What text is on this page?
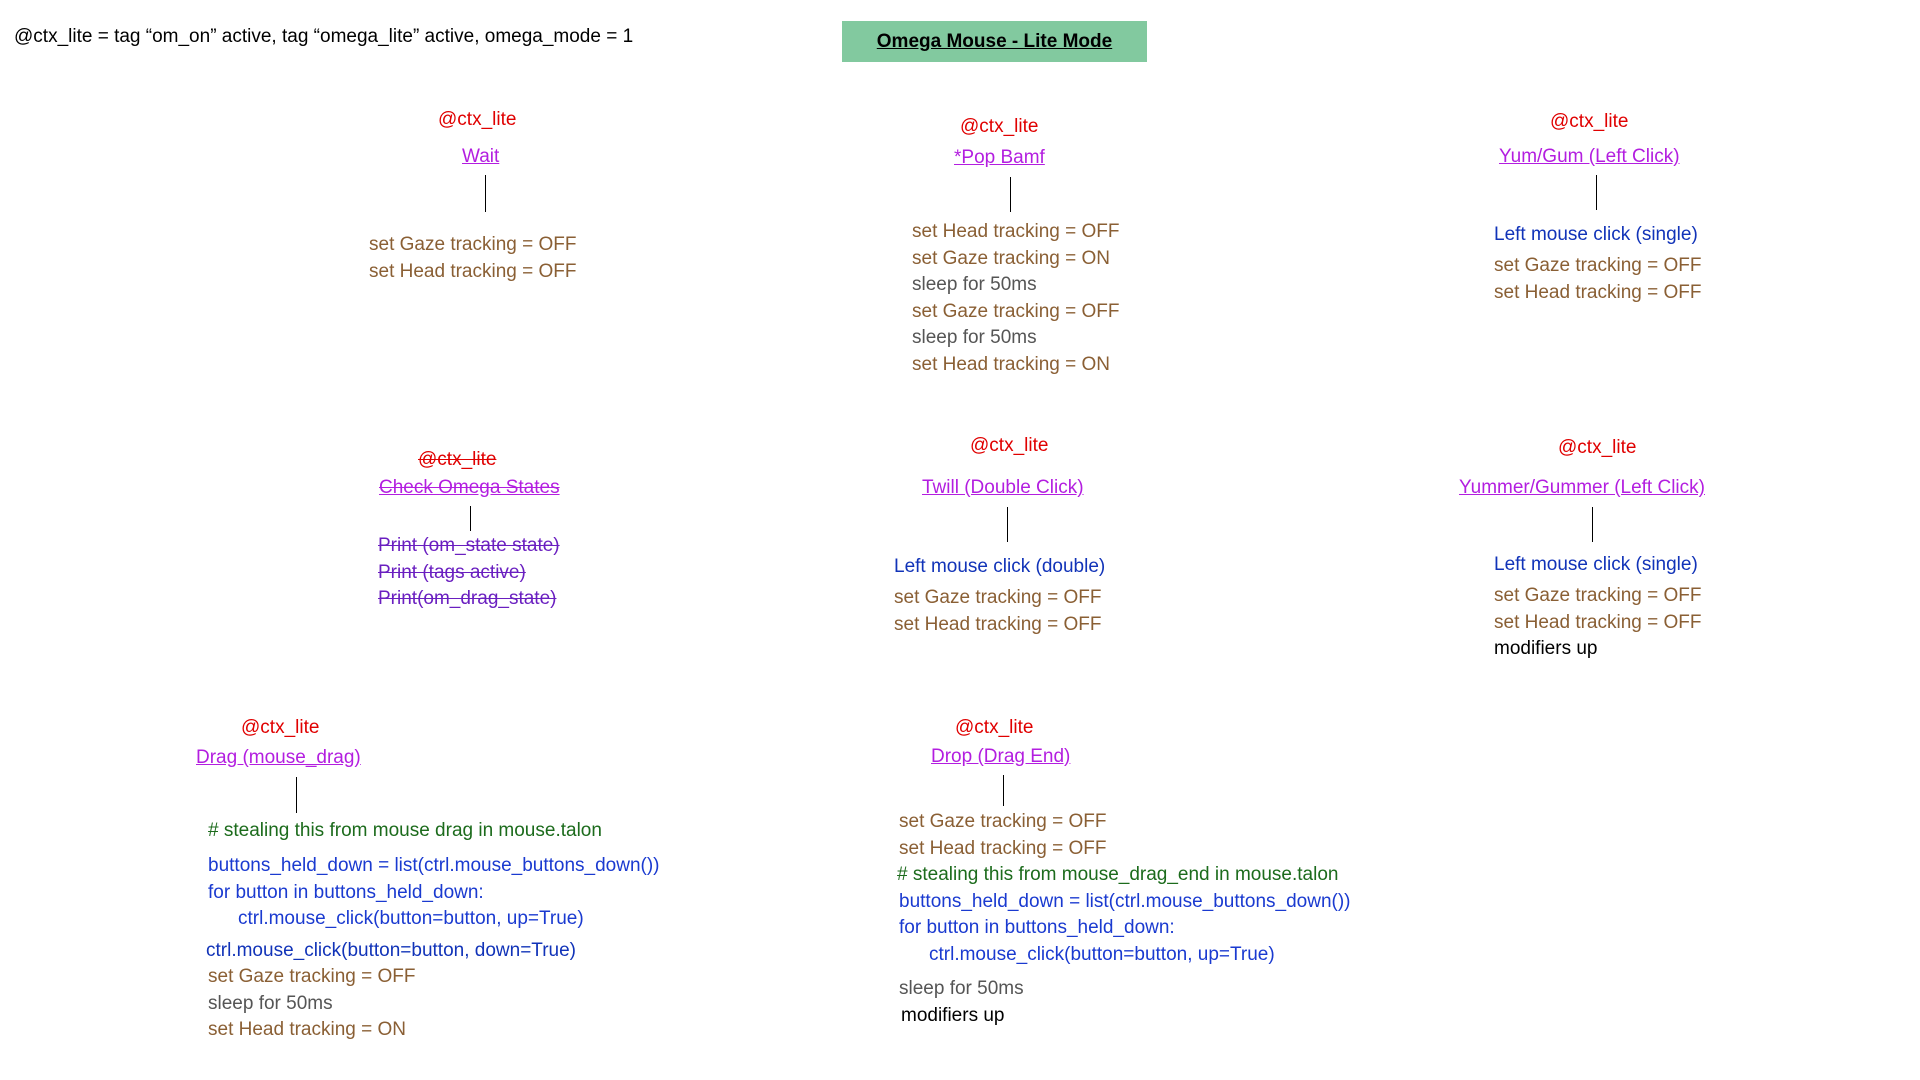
@ctx_lite = tag “om_on” active, tag “omega_lite” active, omega_mode = 1	Omega Mouse - Lite Mode
@ctx_lite
Wait
set Gaze tracking = OFF
set Head tracking = OFF
@ctx_lite
*Pop Bamf
set Head tracking = OFF
set Gaze tracking = ON
sleep for 50ms
set Gaze tracking = OFF
sleep for 50ms
set Head tracking = ON
@ctx_lite
Yum/Gum (Left Click)
Left mouse click (single)
set Gaze tracking = OFF
set Head tracking = OFF
@ctx_lite
Check Omega States
Print (om_state state)
Print (tags active)
Print(om_drag_state)
@ctx_lite
Twill (Double Click)
Left mouse click (double)
set Gaze tracking = OFF
set Head tracking = OFF
@ctx_lite
Yummer/Gummer (Left Click)
Left mouse click (single)
set Gaze tracking = OFF
set Head tracking = OFF
modifiers up
@ctx_lite
Drag (mouse_drag)
# stealing this from mouse drag in mouse.talon
buttons_held_down = list(ctrl.mouse_buttons_down())
for button in buttons_held_down:
ctrl.mouse_click(button=button, up=True)
ctrl.mouse_click(button=button, down=True)
set Gaze tracking = OFF
sleep for 50ms
set Head tracking = ON
@ctx_lite
Drop (Drag End)
set Gaze tracking = OFF
set Head tracking = OFF
# stealing this from mouse_drag_end in mouse.talon
buttons_held_down = list(ctrl.mouse_buttons_down())
for button in buttons_held_down:
ctrl.mouse_click(button=button, up=True)
sleep for 50ms
modifiers up
